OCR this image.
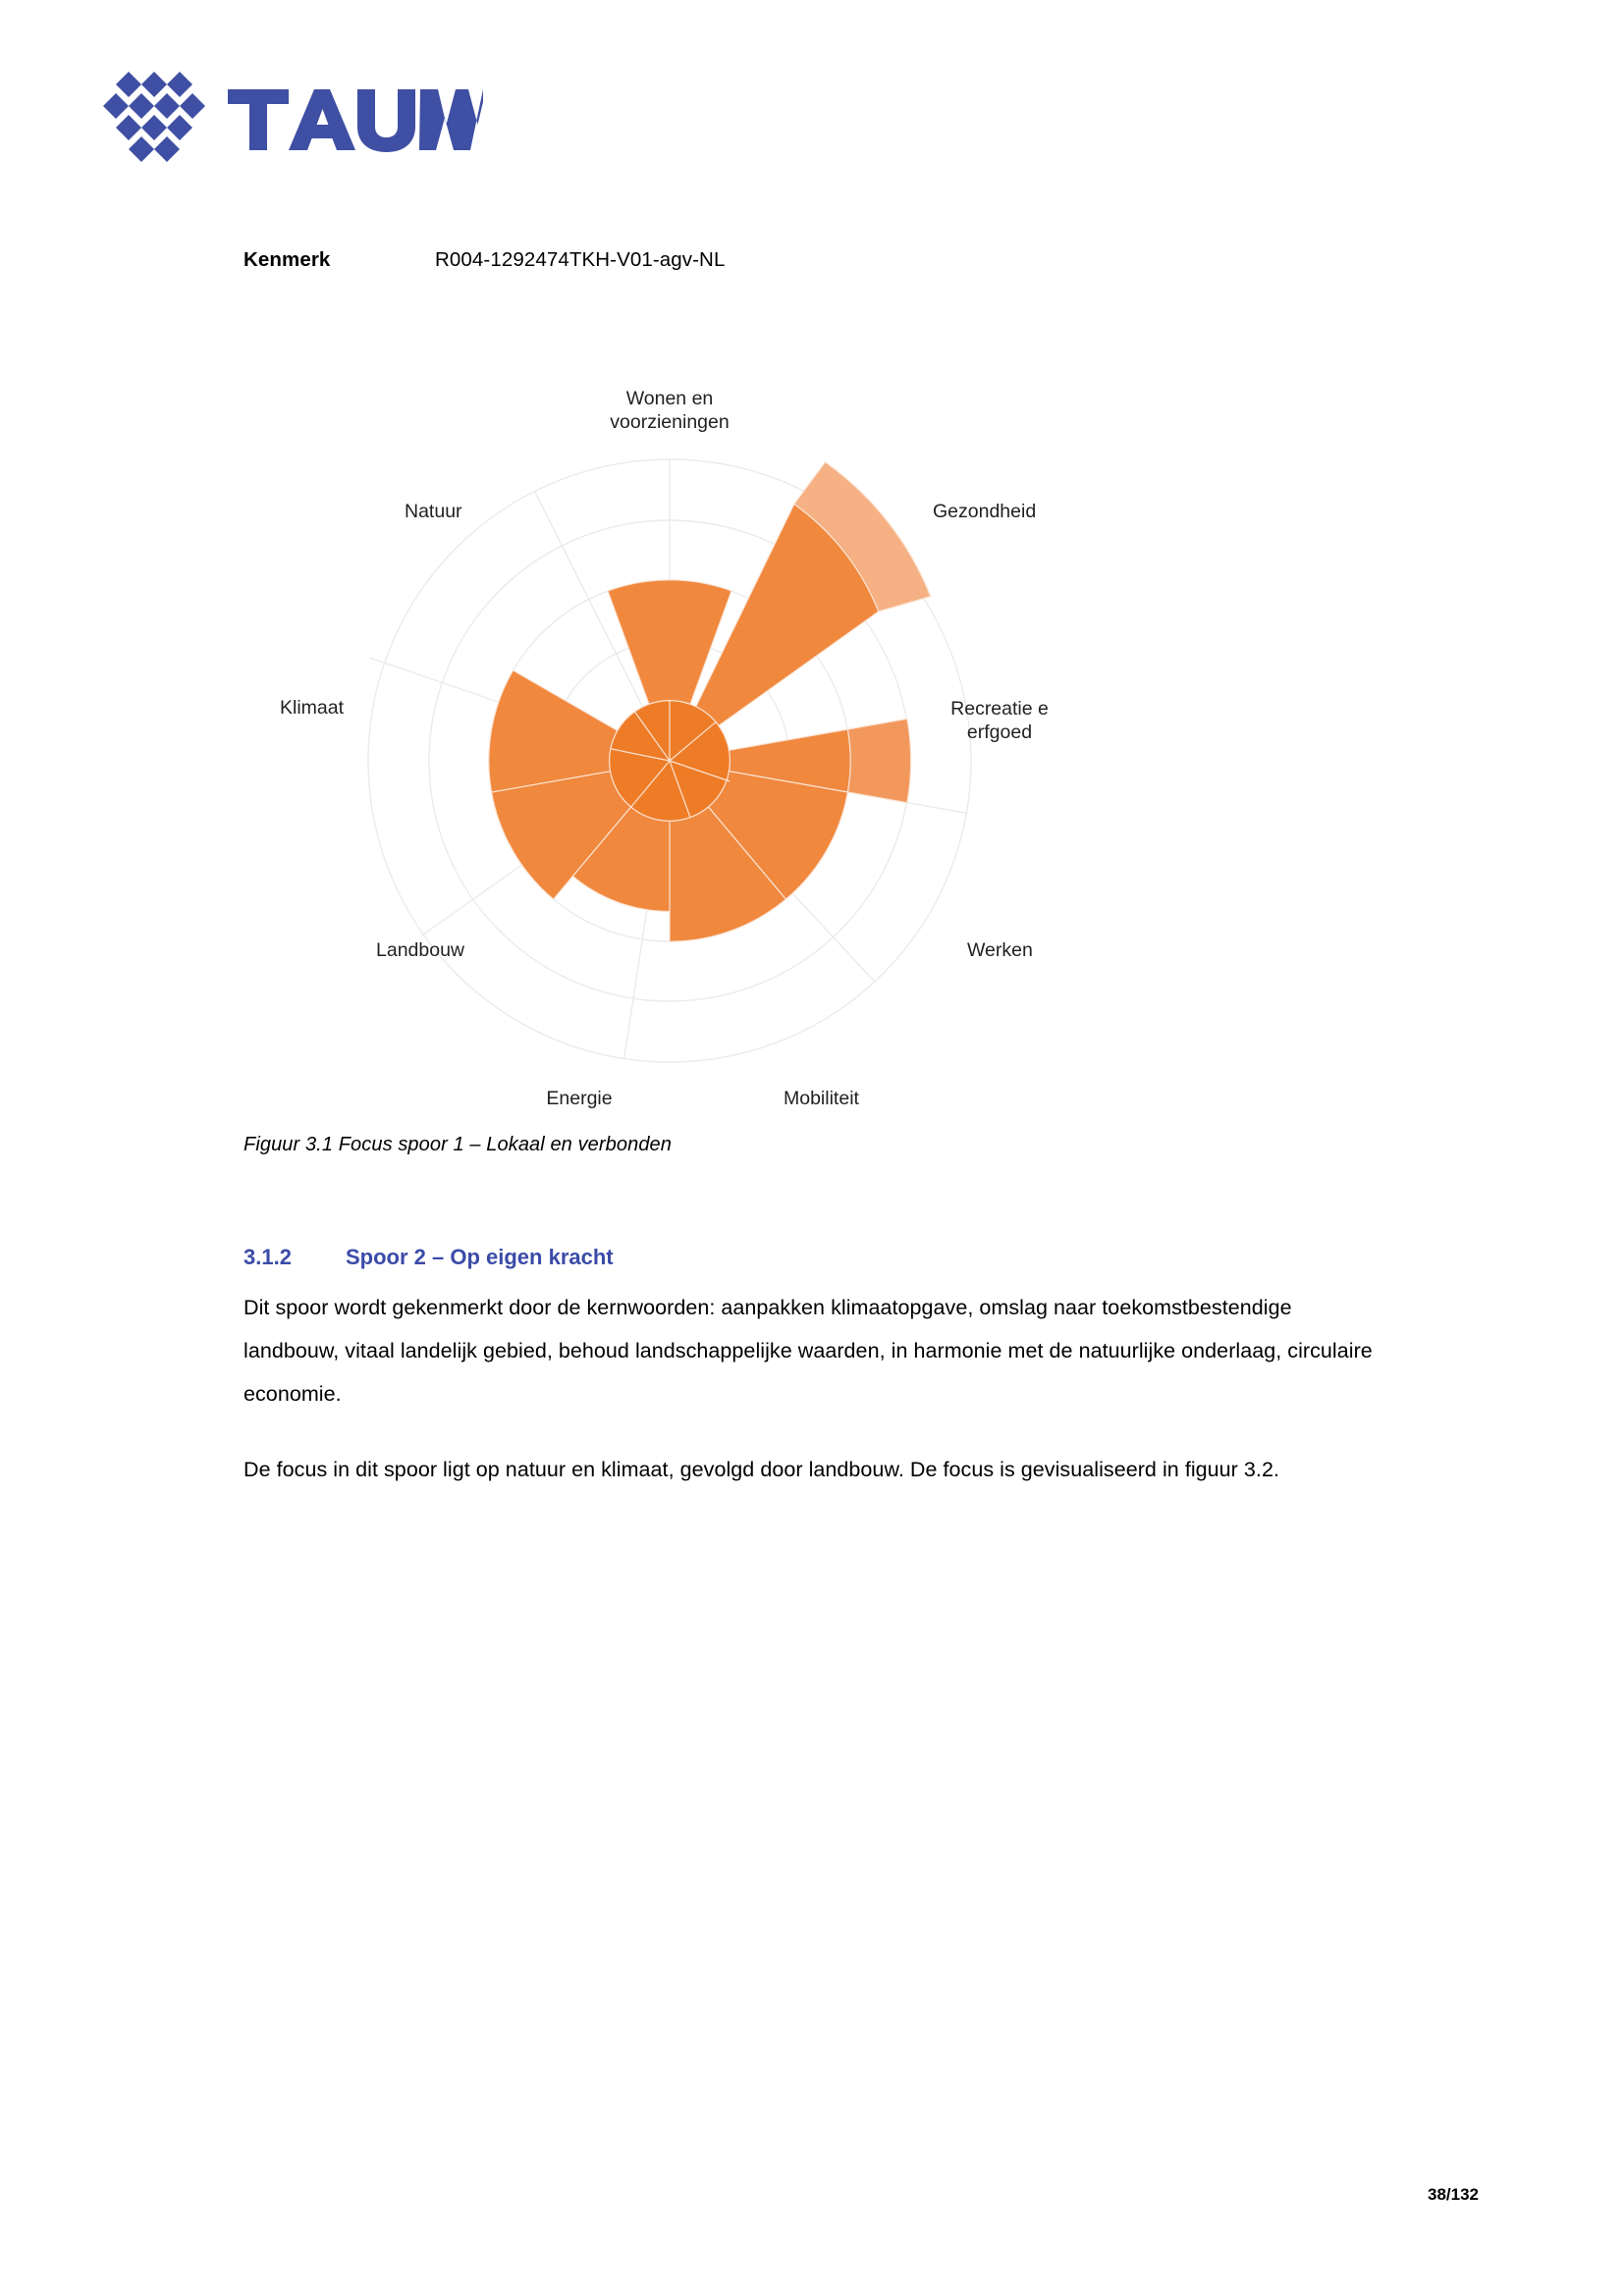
Kenmerk	R004-1292474TKH-V01-agv-NL
Wonen en
voorzieningen
Gezondheid
Recreatie e
erfgoed
Werken
Mobiliteit
Energie
Landbouw
Klimaat
Natuur
Figuur 3.1 Focus spoor 1 – Lokaal en verbonden
3.1.2	Spoor 2 – Op eigen kracht

Dit spoor wordt gekenmerkt door de kernwoorden: aanpakken klimaatopgave, omslag naar toekomstbestendige landbouw, vitaal landelijk gebied, behoud landschappelijke waarden, in harmonie met de natuurlijke onderlaag, circulaire economie.

De focus in dit spoor ligt op natuur en klimaat, gevolgd door landbouw. De focus is gevisualiseerd in figuur 3.2.

38/132
